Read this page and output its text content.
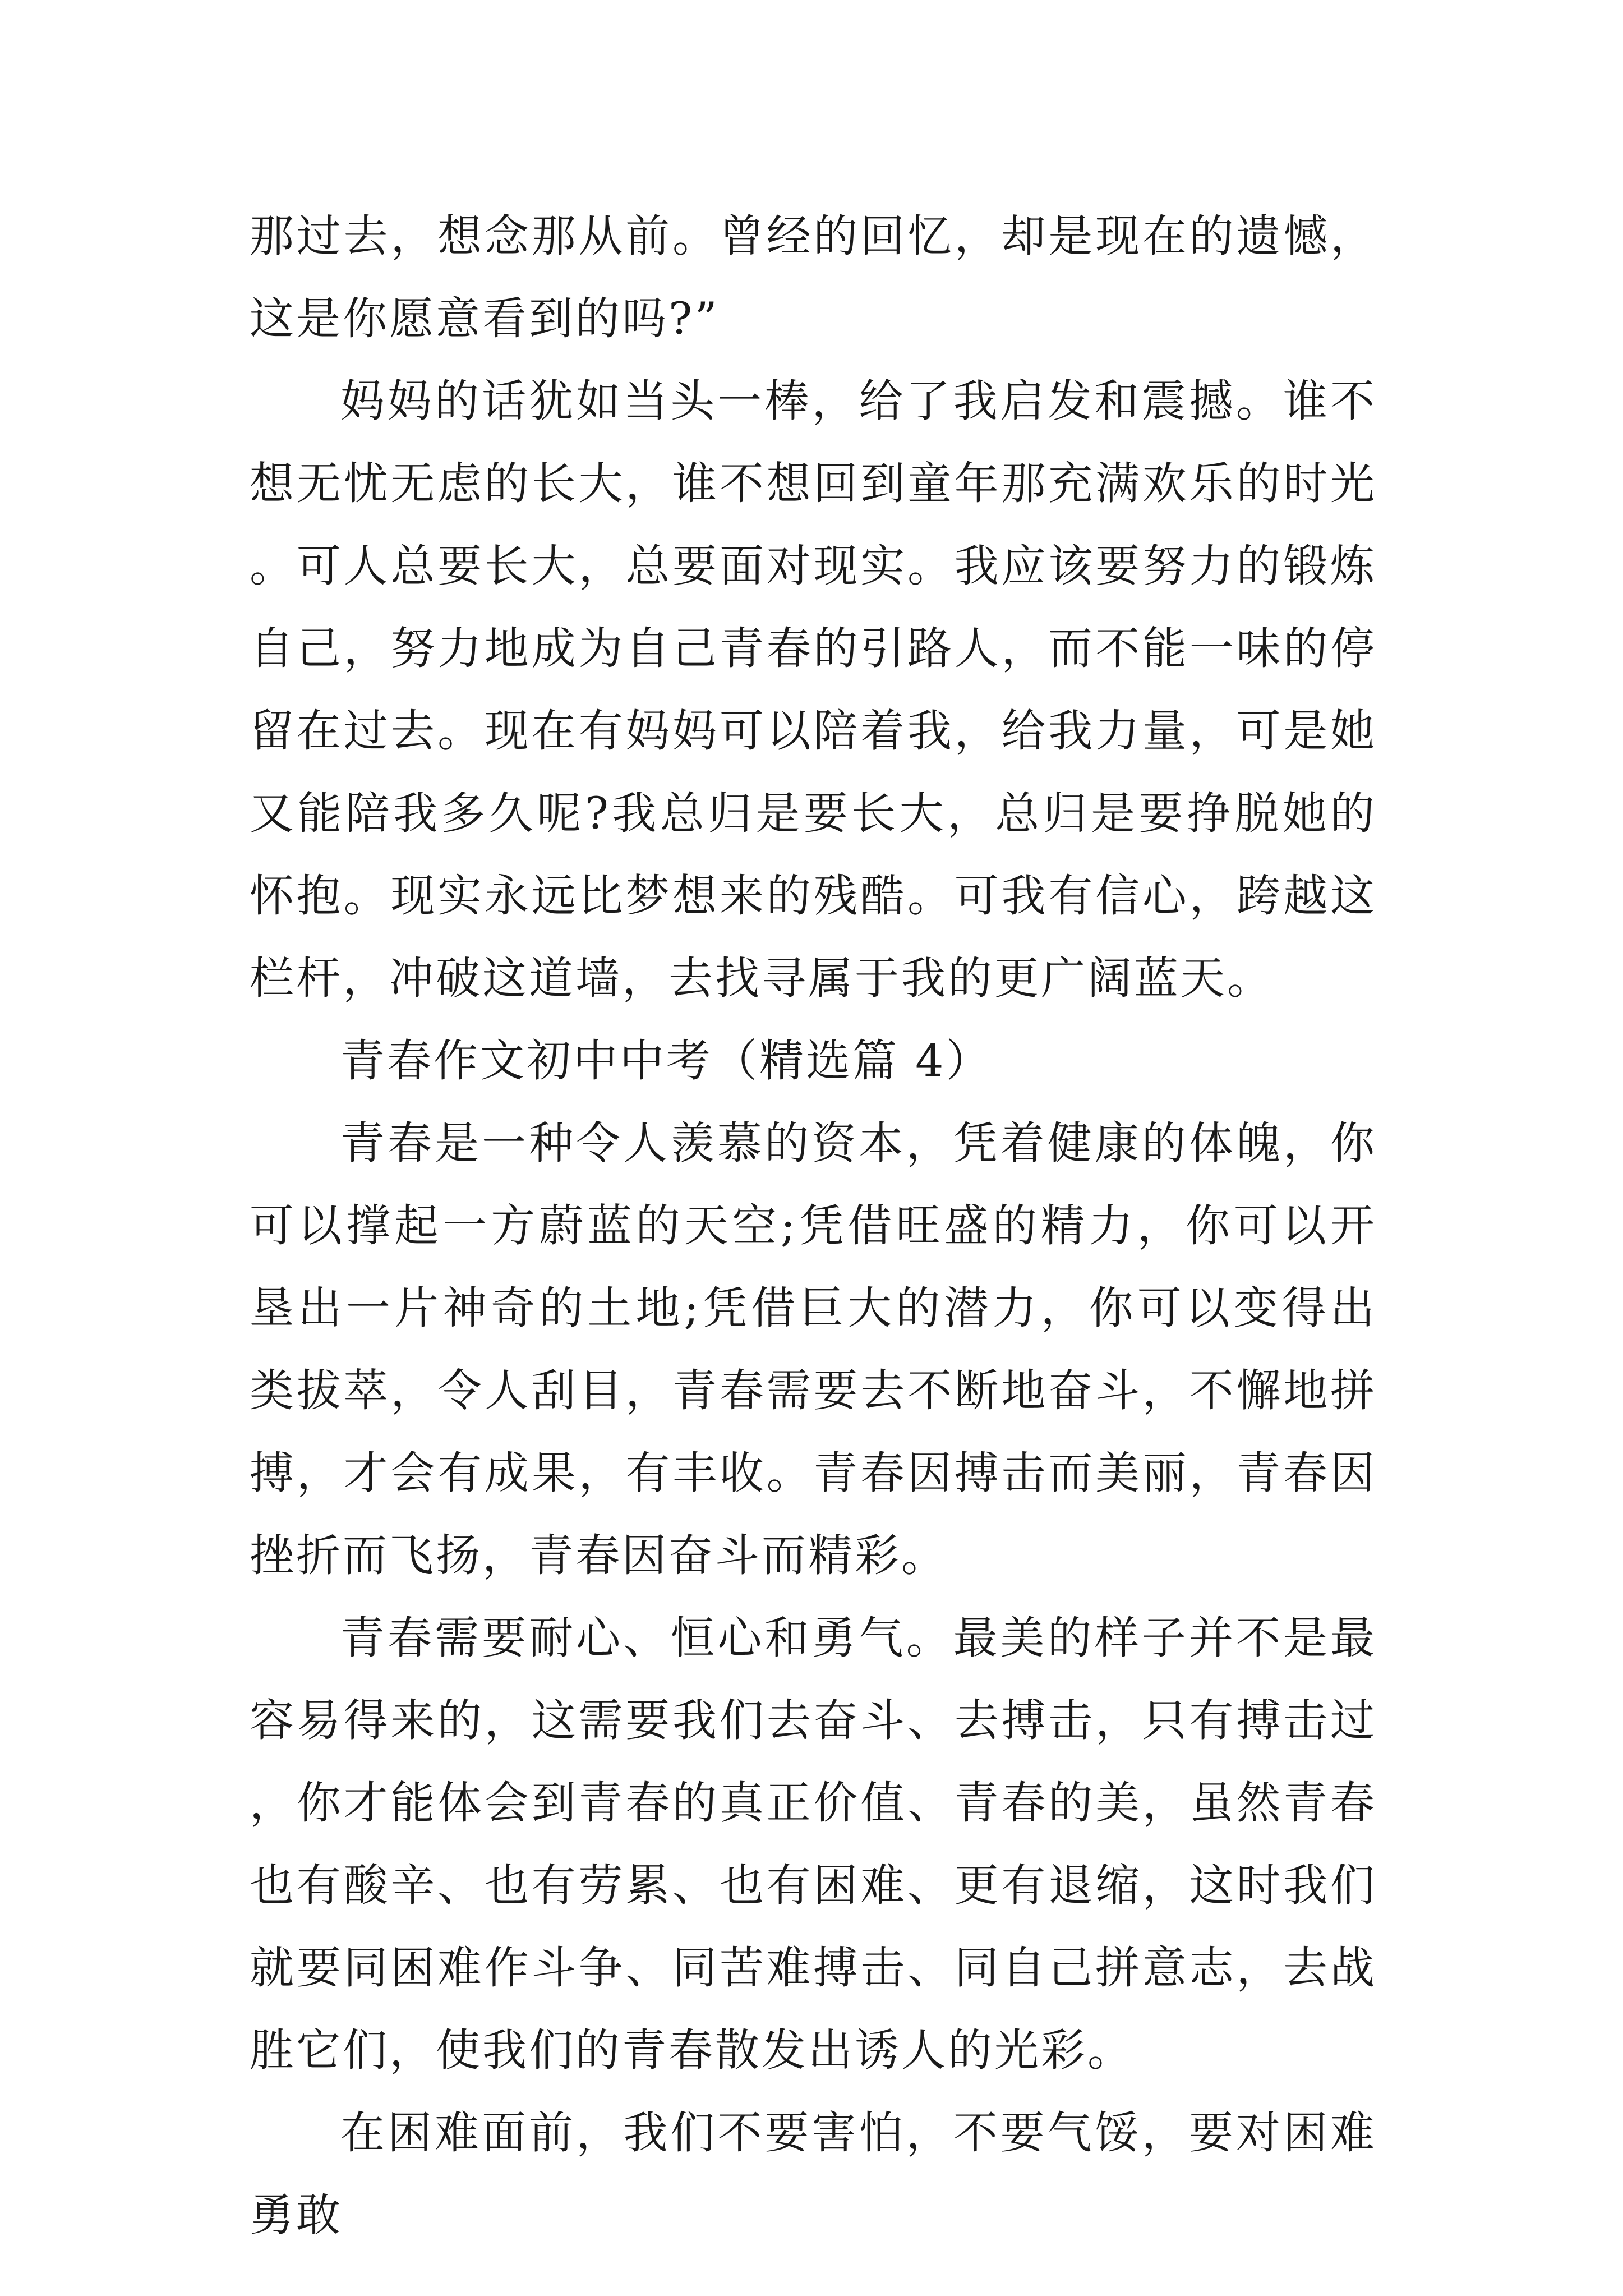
那过去，想念那从前。曾经的回忆，却是现在的遗憾，这是你愿意看到的吗?”

妈妈的话犹如当头一棒，给了我启发和震撼。谁不想无忧无虑的长大，谁不想回到童年那充满欢乐的时光。可人总要长大，总要面对现实。我应该要努力的锻炼自己，努力地成为自己青春的引路人，而不能一味的停留在过去。现在有妈妈可以陪着我，给我力量，可是她又能陪我多久呢?我总归是要长大，总归是要挣脱她的怀抱。现实永远比梦想来的残酷。可我有信心，跨越这栏杆，冲破这道墙，去找寻属于我的更广阔蓝天。

青春作文初中中考（精选篇 4）

青春是一种令人羡慕的资本，凭着健康的体魄，你可以撑起一方蔚蓝的天空;凭借旺盛的精力，你可以开垦出一片神奇的土地;凭借巨大的潜力，你可以变得出类拔萃，令人刮目，青春需要去不断地奋斗，不懈地拼搏，才会有成果，有丰收。青春因搏击而美丽，青春因挫折而飞扬，青春因奋斗而精彩。

青春需要耐心、恒心和勇气。最美的样子并不是最容易得来的，这需要我们去奋斗、去搏击，只有搏击过，你才能体会到青春的真正价值、青春的美，虽然青春也有酸辛、也有劳累、也有困难、更有退缩，这时我们就要同困难作斗争、同苦难搏击、同自己拼意志，去战胜它们，使我们的青春散发出诱人的光彩。

在困难面前，我们不要害怕，不要气馁，要对困难勇敢
